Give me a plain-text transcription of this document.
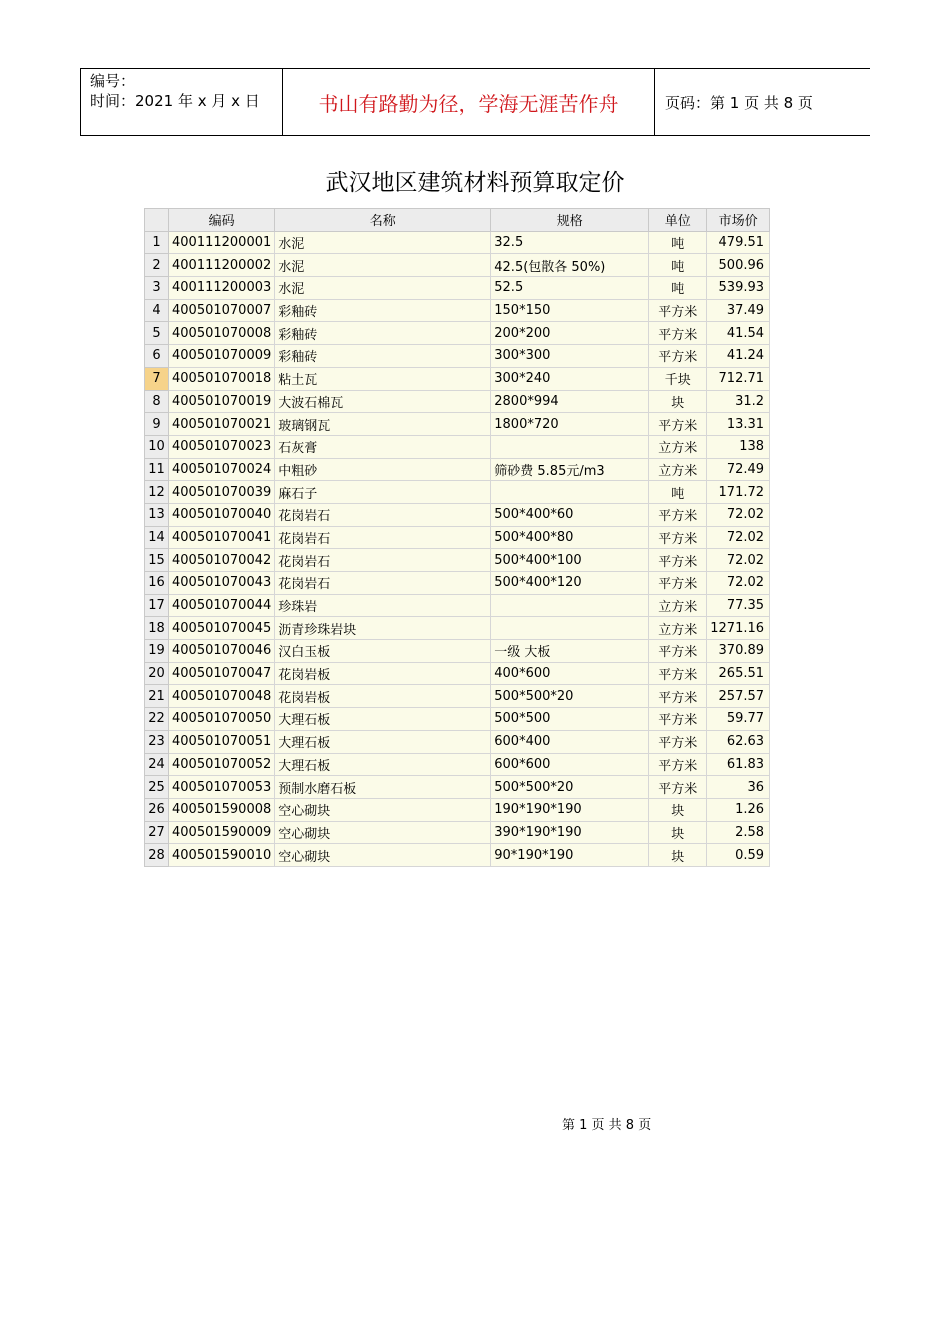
编号：
时间：2021 年 x 月 x 日	书山有路勤为径，学海无涯苦作舟	页码：第 1 页 共 8 页
武汉地区建筑材料预算取定价
	编码	名称	规格	单位	市场价
1	400111200001	水泥	32.5	吨	479.51
2	400111200002	水泥	42.5(包散各 50%)	吨	500.96
3	400111200003	水泥	52.5	吨	539.93
4	400501070007	彩釉砖	150*150	平方米	37.49
5	400501070008	彩釉砖	200*200	平方米	41.54
6	400501070009	彩釉砖	300*300	平方米	41.24
7	400501070018	粘土瓦	300*240	千块	712.71
8	400501070019	大波石棉瓦	2800*994	块	31.2
9	400501070021	玻璃钢瓦	1800*720	平方米	13.31
10	400501070023	石灰膏		立方米	138
11	400501070024	中粗砂	筛砂费 5.85元/m3	立方米	72.49
12	400501070039	麻石子		吨	171.72
13	400501070040	花岗岩石	500*400*60	平方米	72.02
14	400501070041	花岗岩石	500*400*80	平方米	72.02
15	400501070042	花岗岩石	500*400*100	平方米	72.02
16	400501070043	花岗岩石	500*400*120	平方米	72.02
17	400501070044	珍珠岩		立方米	77.35
18	400501070045	沥青珍珠岩块		立方米	1271.16
19	400501070046	汉白玉板	一级 大板	平方米	370.89
20	400501070047	花岗岩板	400*600	平方米	265.51
21	400501070048	花岗岩板	500*500*20	平方米	257.57
22	400501070050	大理石板	500*500	平方米	59.77
23	400501070051	大理石板	600*400	平方米	62.63
24	400501070052	大理石板	600*600	平方米	61.83
25	400501070053	预制水磨石板	500*500*20	平方米	36
26	400501590008	空心砌块	190*190*190	块	1.26
27	400501590009	空心砌块	390*190*190	块	2.58
28	400501590010	空心砌块	90*190*190	块	0.59
第 1 页 共 8 页
